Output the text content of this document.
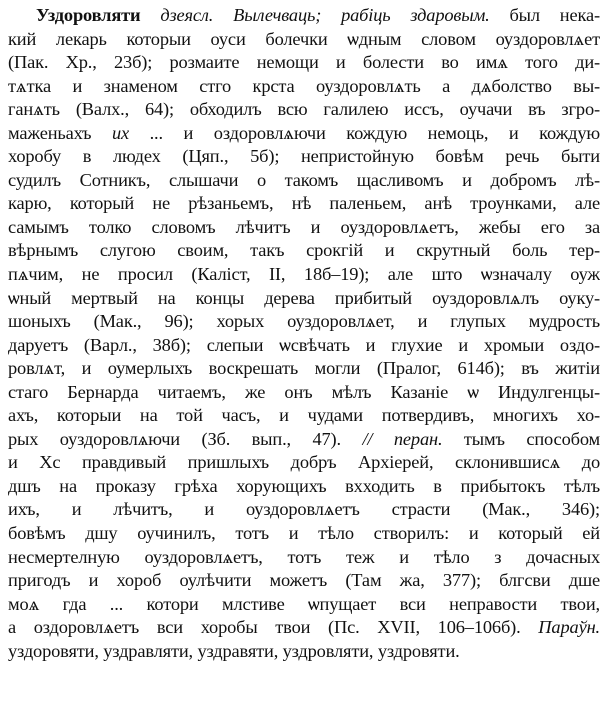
Уздоровляти дзеясл. Вылечваць; рабіць здаровым. был нека-
кий лекарь которыи оуси болечки ѡдным словом оуздоровлѧет
(Пак. Хр., 23б); розмаите немощи и болести во имѧ того ди-
тѧтка и знаменом стго крста оуздоровлѧть а дѧболство вы-
ганѧть (Валх., 64); обходилъ всю галилею иссъ, оучачи въ згро-
маженьахъ их ... и оздоровлѧючи кождую немоць, и кождую
хоробу в людех (Цяп., 5б); непристойную бовѣм речь быти
судилъ Сотникъ, слышачи о такомъ щасливомъ и добромъ лѣ-
карю, который не рѣзаньемъ, нѣ паленьем, анѣ троунками, але
самымъ толко словомъ лѣчитъ и оуздоровлѧетъ, жебы его за
вѣрнымъ слугою своим, такъ срокгій и скрутный боль тер-
пѧчим, не просил (Каліст, II, 18б–19); але што ѡзначалу оуж
ѡный мертвый на концы дерева прибитый оуздоровлѧлъ оуку-
шоныхъ (Мак., 96); хорых оуздоровлѧет, и глупых мудрость
даруетъ (Варл., 38б); слепыи ѡсвѣчать и глухие и хромыи оздо-
ровлѧт, и оумерлыхъ воскрешать могли (Пралог, 614б); въ житіи
стаго Бернарда читаемъ, же онъ мѣлъ Казаніе ѡ Индулгенцы-
ахъ, которыи на той часъ, и чудами потвердивъ, многихъ хо-
рых оуздоровлѧючи (Зб. вып., 47). // перан. тымъ способом
и Хс правдивый пришлыхъ добръ Архіерей, склонившисѧ до
дшъ на проказу грѣха хорующихъ вхходить в прибытокъ тѣлъ
ихъ, и лѣчитъ, и оуздоровлѧетъ страсти (Мак., 346);
бовѣмъ дшу оучинилъ, тотъ и тѣло створилъ: и который ей
несмертелную оуздоровлѧетъ, тотъ теж и тѣло з дочасных
пригодъ и хороб оулѣчити можетъ (Там жа, 377); блгсви дше
моѧ гда ... котори млстиве ѡпущает вси неправости твои,
а оздоровлѧетъ вси хоробы твои (Пс. XVII, 106–106б). Параўн.
уздоровяти, уздравляти, уздравяти, уздровляти, уздровяти.
